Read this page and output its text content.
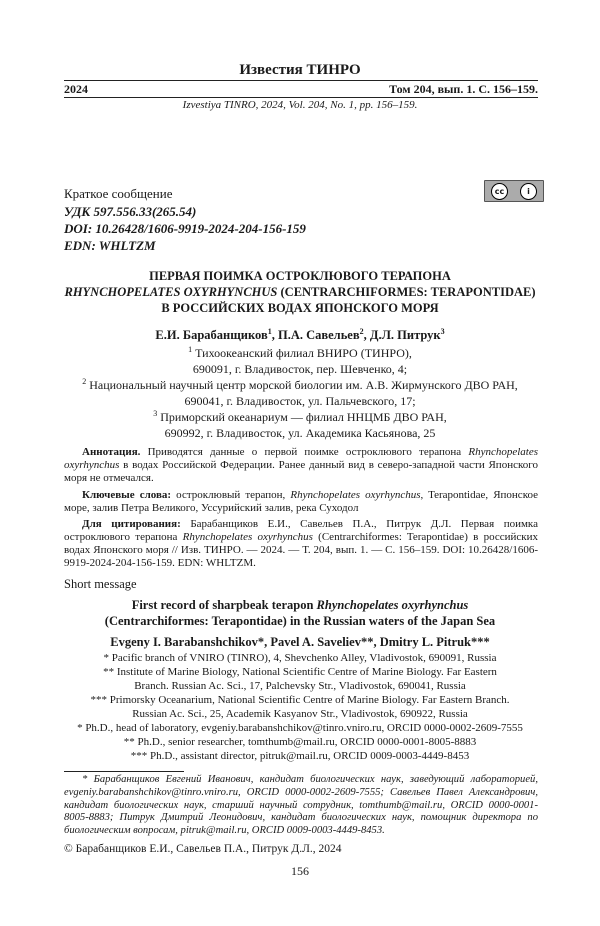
Известия ТИНРО
2024	Том 204, вып. 1. С. 156–159.
Izvestiya TINRO, 2024, Vol. 204, No. 1, pp. 156–159.
Краткое сообщение
УДК 597.556.33(265.54)
DOI: 10.26428/1606-9919-2024-204-156-159
EDN: WHLTZM
cc	i
ПЕРВАЯ ПОИМКА ОСТРОКЛЮВОГО ТЕРАПОНА
RHYNCHOPELATES OXYRHYNCHUS (CENTRARCHIFORMES: TERAPONTIDAE)
В РОССИЙСКИХ ВОДАХ ЯПОНСКОГО МОРЯ
Е.И. Барабанщиков$^1$, П.А. Савельев$^2$, Д.Л. Питрук$^3$
$^1$ Тихоокеанский филиал ВНИРО (ТИНРО),
690091, г. Владивосток, пер. Шевченко, 4;
$^2$ Национальный научный центр морской биологии им. А.В. Жирмунского ДВО РАН,
690041, г. Владивосток, ул. Пальчевского, 17;
$^3$ Приморский океанариум — филиал ННЦМБ ДВО РАН,
690992, г. Владивосток, ул. Академика Касьянова, 25
Аннотация. Приводятся данные о первой поимке остроклювого терапона Rhynchopelates oxyrhynchus в водах Российской Федерации. Ранее данный вид в северо-западной части Японского моря не отмечался.
Ключевые слова: остроклювый терапон, Rhynchopelates oxyrhynchus, Terapontidae, Японское море, залив Петра Великого, Уссурийский залив, река Суходол
Для цитирования: Барабанщиков Е.И., Савельев П.А., Питрук Д.Л. Первая поимка остроклювого терапона Rhynchopelates oxyrhynchus (Centrarchiformes: Terapontidae) в российских водах Японского моря // Изв. ТИНРО. — 2024. — Т. 204, вып. 1. — С. 156–159. DOI: 10.26428/1606-9919-2024-204-156-159. EDN: WHLTZM.
Short message
First record of sharpbeak terapon Rhynchopelates oxyrhynchus
(Centrarchiformes: Terapontidae) in the Russian waters of the Japan Sea
Evgeny I. Barabanshchikov*, Pavel A. Saveliev**, Dmitry L. Pitruk***
* Pacific branch of VNIRO (TINRO), 4, Shevchenko Alley, Vladivostok, 690091, Russia
** Institute of Marine Biology, National Scientific Centre of Marine Biology. Far Eastern
Branch. Russian Ac. Sci., 17, Palchevsky Str., Vladivostok, 690041, Russia
*** Primorsky Oceanarium, National Scientific Centre of Marine Biology. Far Eastern Branch.
Russian Ac. Sci., 25, Academik Kasyanov Str., Vladivostok, 690922, Russia
* Ph.D., head of laboratory, evgeniy.barabanshchikov@tinro.vniro.ru, ORCID 0000-0002-2609-7555
** Ph.D., senior researcher, tomthumb@mail.ru, ORCID 0000-0001-8005-8883
*** Ph.D., assistant director, pitruk@mail.ru, ORCID 0009-0003-4449-8453
* Барабанщиков Евгений Иванович, кандидат биологических наук, заведующий лабораторией, evgeniy.barabanshchikov@tinro.vniro.ru, ORCID 0000-0002-2609-7555; Савельев Павел Александрович, кандидат биологических наук, старший научный сотрудник, tomthumb@mail.ru, ORCID 0000-0001-8005-8883; Питрук Дмитрий Леонидович, кандидат биологических наук, помощник директора по биологическим вопросам, pitruk@mail.ru, ORCID 0009-0003-4449-8453.
© Барабанщиков Е.И., Савельев П.А., Питрук Д.Л., 2024
156
